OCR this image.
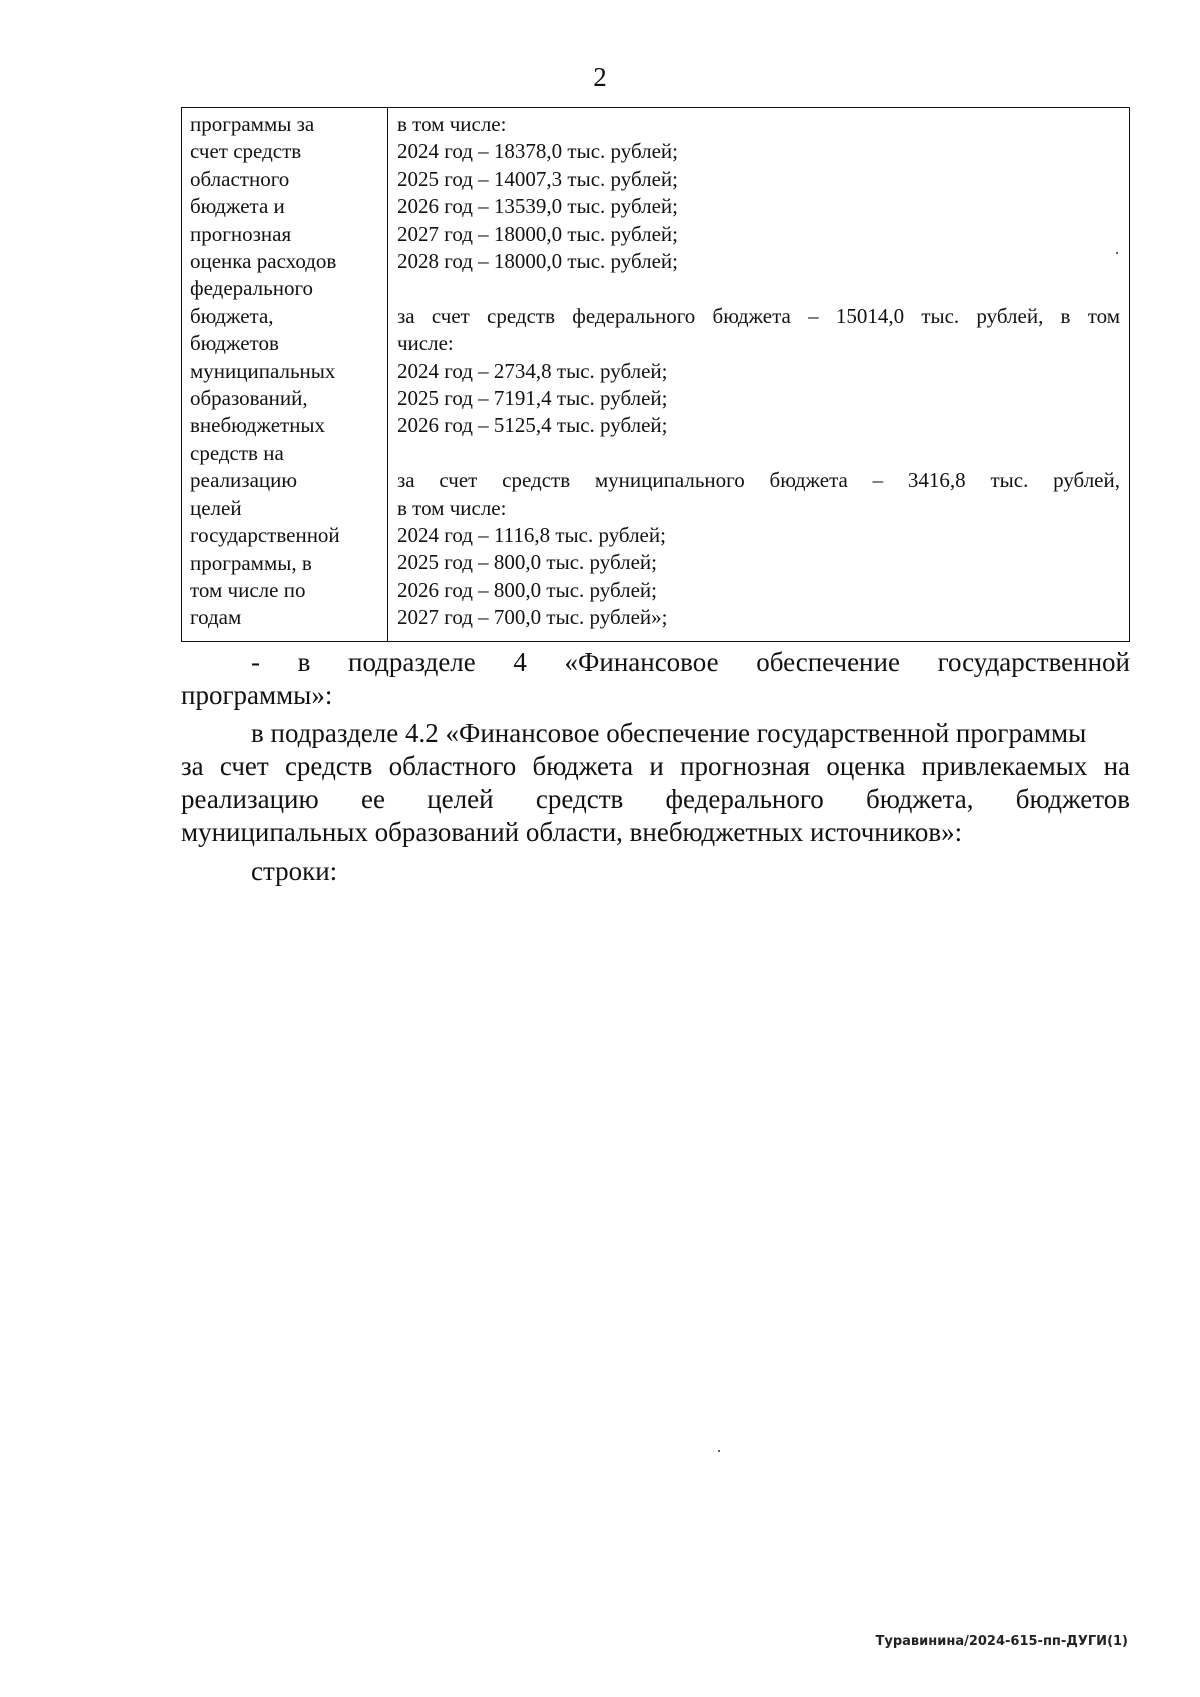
2
программы за
счет средств
областного
бюджета и
прогнозная
оценка расходов
федерального
бюджета,
бюджетов
муниципальных
образований,
внебюджетных
средств на
реализацию
целей
государственной
программы, в
том числе по
годам
в том числе:
2024 год – 18378,0 тыс. рублей;
2025 год – 14007,3 тыс. рублей;
2026 год – 13539,0 тыс. рублей;
2027 год – 18000,0 тыс. рублей;
2028 год – 18000,0 тыс. рублей;
за счет средств федерального бюджета – 15014,0 тыс. рублей, в том
числе:
2024 год – 2734,8 тыс. рублей;
2025 год – 7191,4 тыс. рублей;
2026 год – 5125,4 тыс. рублей;
за счет средств муниципального бюджета – 3416,8 тыс. рублей,
в том числе:
2024 год – 1116,8 тыс. рублей;
2025 год – 800,0 тыс. рублей;
2026 год – 800,0 тыс. рублей;
2027 год – 700,0 тыс. рублей»;
- в подразделе 4 «Финансовое обеспечение государственной
программы»:
в подразделе 4.2 «Финансовое обеспечение государственной программы
за счет средств областного бюджета и прогнозная оценка привлекаемых на
реализацию ее целей средств федерального бюджета, бюджетов
муниципальных образований области, внебюджетных источников»:
строки:
Туравинина/2024-615-пп-ДУГИ(1)
